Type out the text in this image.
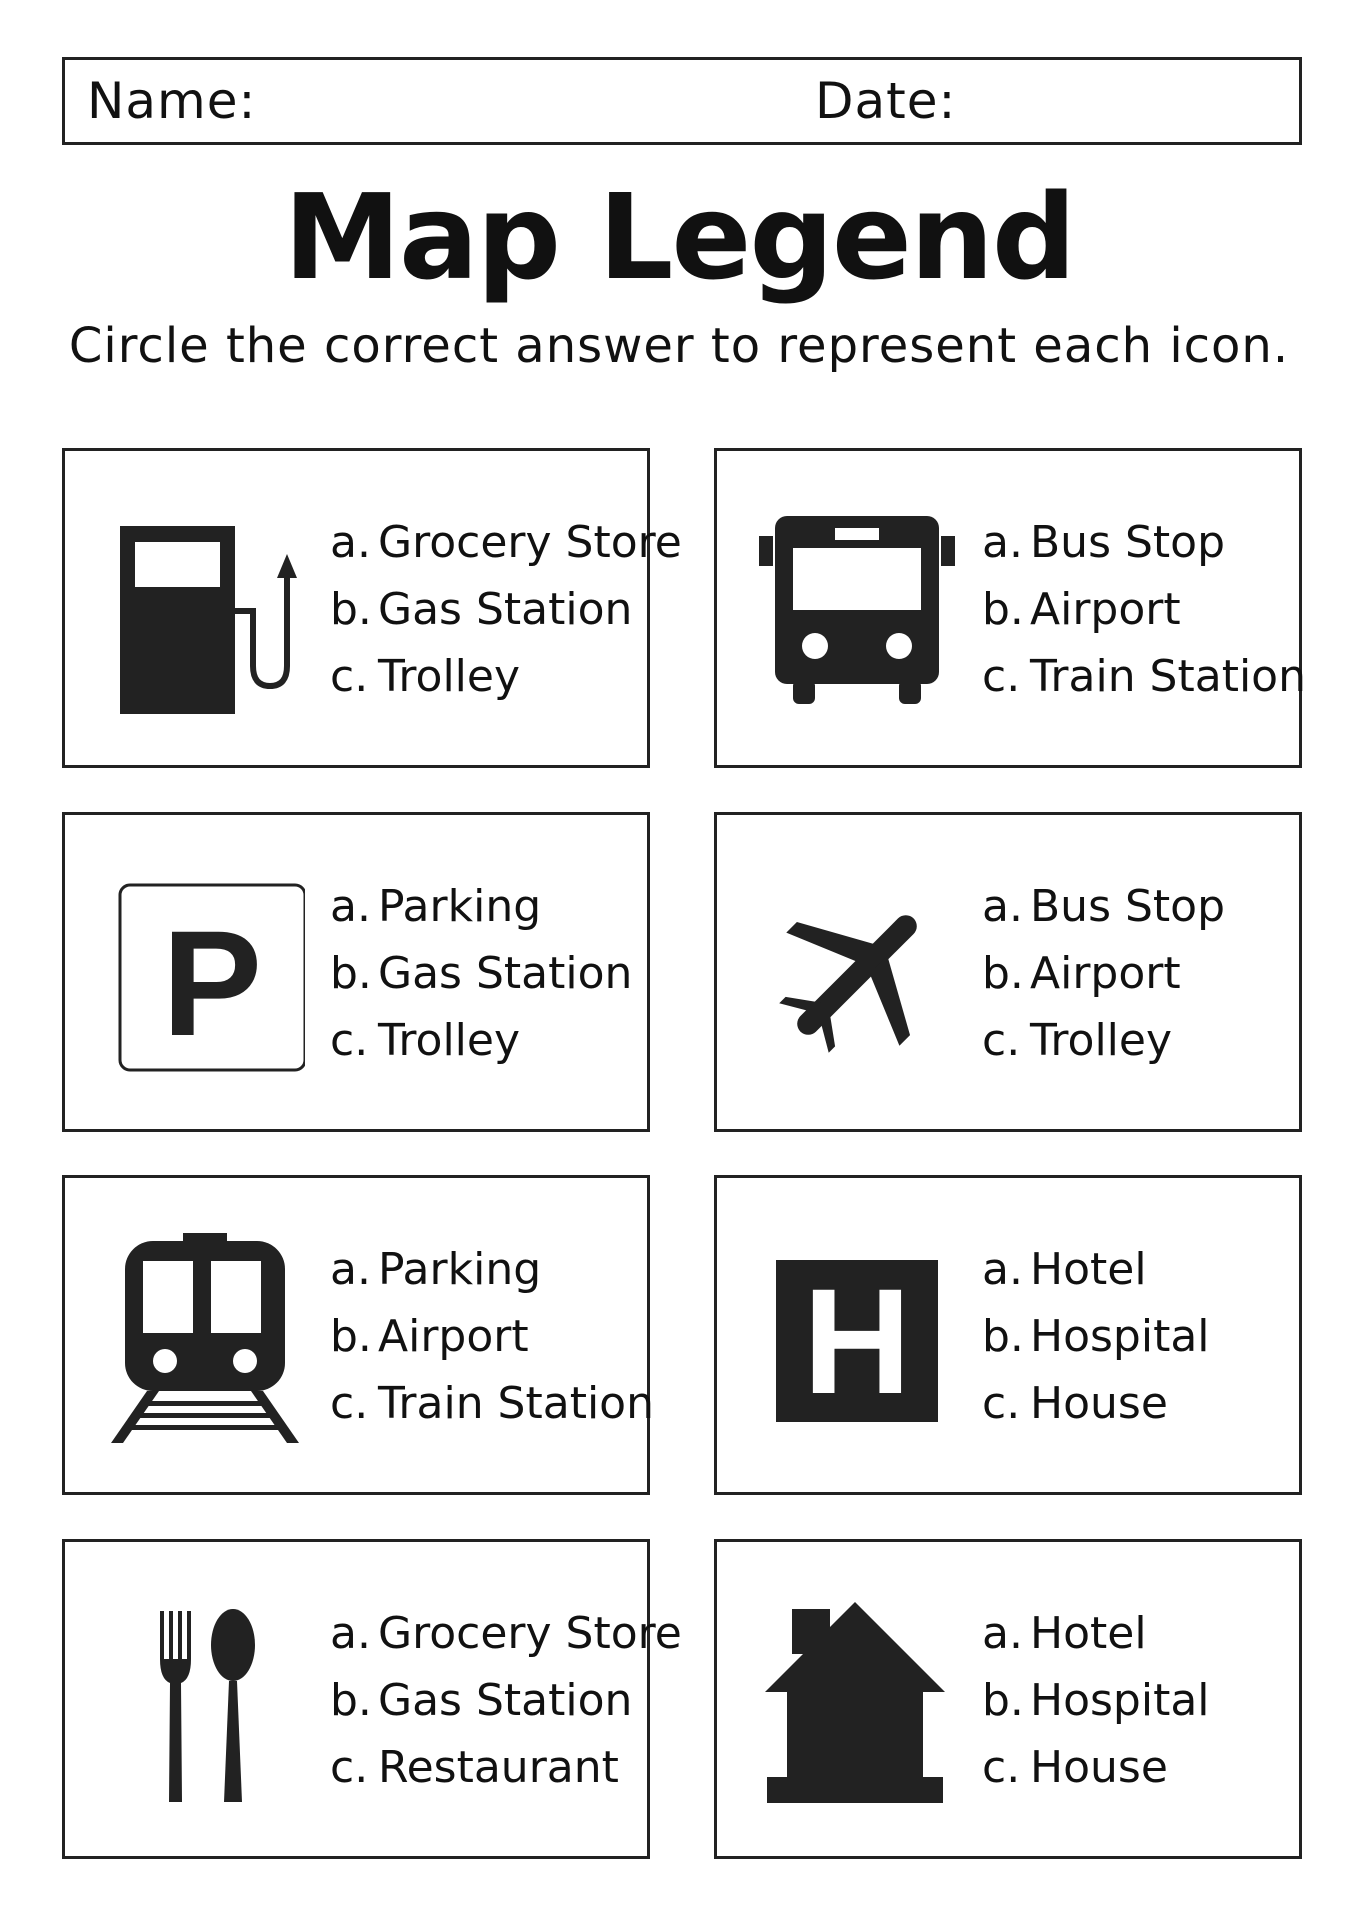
Name:	Date:
Map Legend
Circle the correct answer to represent each icon.
a. Grocery Store
b. Gas Station
c. Trolley
a. Bus Stop
b. Airport
c. Train Station
P a. Parking
b. Gas Station
c. Trolley
a. Bus Stop
b. Airport
c. Trolley
a. Parking
b. Airport
c. Train Station H a. Hotel
b. Hospital
c. House
a. Grocery Store
b. Gas Station
c. Restaurant
a. Hotel
b. Hospital
c. House
